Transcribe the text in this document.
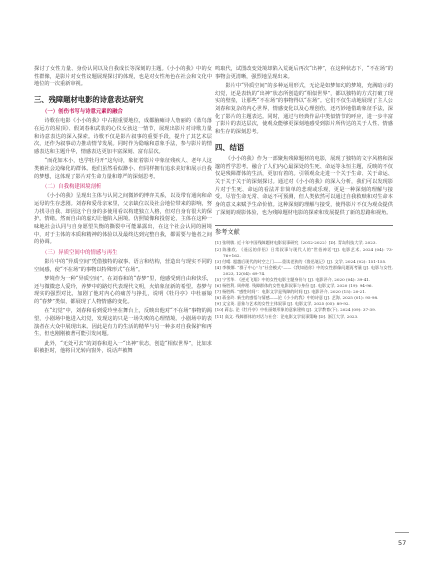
探讨了女性力量、身份认同以及自我成长等深刻的主题。《小小的我》中的女性群像，是影片对女性议题展现探讨的体现，也是对女性角色在社会和文化中地位的一次重新审视。

三、残障题材电影的诗意表达研究
（一）创伤书写与诗意元素的融合

诗歌在电影《小小的我》中占据重要地位，成都脑瘫诗人詹丽的《蓝鸟落在远方的屋顶》、假刘春和武装的心仪女孩这一情节，展现出影片对诗歌力量和诗意表达的深入探索。诗歌不仅是影片叙事的重要手段，提升了其艺术层次，还作为叙事动力推动情节发展。同时作为隐喻和意象手法，参与影片的情感表达和主题升华，情感表达更加丰富深刻、富有层次。

“而花如木小，也学牡丹开”这句诗，象征着影片中象征残疾人、老年人这类被社会边缘化的群体。他们虽然看似渺小、但同样拥有追求美好和展示自我的梦想，这体现了影片对生命力量和尊严的深刻思考。

（二）自我构建困境剖析

《小小的我》呈现出主体与认同之间微妙的博弈关系，以及带有通向和命运母的生存悲剧。刘春和爱母亲家里，父亲缺位以及社会地位带来的影响，努力找寻自我、却因这个自身的多使用看以构建独立人格，但对自身有很大的保护。情绪。然而自由的虚幻让他陷入困境。仿照镜像和投射论，主体在这种一味地社会认同与自身愿望失衡的撕裂中可能暴露出，在这个社会认同的困境中，对于主体的本质和精神的体验以及最终达到完整自我，都需要与他者之间的协调。

（三）异质空间中的情感与再生

影片中的“异质空间”凭借独特的叙事、语言和结构，营造出与现实不同的空间感，使“不在场”的事物以特殊形式“在场”。

梦境作为一种“异质空间”，在刘春和的“春梦”里，他感受到自由和快乐，还与微微恋人爱玲，养梦中的路灯代表现代文明，火焰象征新的希望。春梦与现实的强烈对比，加剧了他对内心的痛苦与挣扎，说明《牡丹亭》中杜丽娘的“春梦”类似，都展现了人物情感的变化。

在“幻觉”中，刘春和看到爱玲坐在舞台上，反映出他对“不在场”事物的渴望，小剧场中他进入幻觉，发现这的只是一场失败的心理情境。小剧场中的表演者在大众中展现出来。因此是有力的生活的精华与另一种多对自我保护和再生，但也刚刚被著可能引发问题。

此外，“无处可去”的刘春和进入一“出神”状态，创造“相似世界”，比如求职被拒时，他将目光转向窗外，说话声被舞

鸣取代，试图改变处境却陷入荒诞后再次“出神”，在这种状态下，“不在场”的事物会更清晰，强烈地呈现出来。

影片中“异质空间”的多种运用形式，无论是如梦如幻的梦境，充满暗示的幻觉，还是表轨的“出神”状态所创造的“相似世界”，都以独特的方式打破了现实的壁垒，让那些“不在场”的事物得以“在场”。它们不仅生动地展现了主人公刘春和复杂的内心世界，情感变化以及心理创伤，还巧妙地借助象征手法，深化了影片的主题表达。同时，通过与经典作品中类似情节的呼应，进一步丰富了影片的表达层次，使观众能够更深刻地感受到影片所传达的关于人性、情感和生存的深刻思考。

四、结语

《小小的我》作为一部聚焦残障题材的电影，展现了独特的文字风格和深邃的哲学思考。融合了人们内心最深处的生死、命运等永恒主题，反映的不仅仅是残障群体的生活，更加有着的。引领观众走进一个关于生命、关于命运、关于关于关于的深刻探讨。通过对《小小的我》的深入分析，我们可以发现影片对于生死、命运的看法并非简单的悲观或乐观，更是一种深刻的理解与接受。尽管生命无常、命运不可预测，但人类依然可以通过自我救赎和对生命本身的意义来赋予生命价值。这种深刻的理解与接受，使得影片不仅为观众提供了深刻的观影体验，也为残障题材电影的探索和发展提供了新的思路和视角。

参考文献

[1] 张明敏. 近十年中国残障题材电影叙事研究（2012-2022）[D]. 青岛科技大学, 2023.

[2] 陈雅欣, 《遥远的伴侣》日常叙事与现代人的“世俗神话”[J]. 电影艺术, 2024 (04): 73-76+162.

[3] 付晴. 超越后现代的时空之门——重读老狄的《鲁迅笔记》[J]. 文学, 2024 (02): 151-155.

[4] 李敏娜. “群子中心”与“社会模式”——《我知道你》中的女性群像问题再考量 [J]. 电影与女性, 2023, 12(04): 69-74.

[5] 宁雪华. 《逆光飞翔》中的女性电影主题身份与 [J]. 电影评介, 2020 (04): 39-41.

[6] 杨胜利, 周仲理. 残障群体的女性电影叙事与身份 [J]. 电影文学, 2020 (19): 94-96.

[7] 杨胜辉. “感性时间”：电影文学是残障的时间 [J]. 电影评介, 2020 (15): 20-21.

[8] 蒋金玲. 新生的感悟与情感——论《小小的我》中的诗意 [J]. 艺海, 2025 (01): 95-98.

[9] 文宝英. 意象与艺术的女性主体叙事 [J]. 电影文学, 2025 (05): 89-92.

[10] 蒋志, 论《牡丹亭》中杜丽娘形象的意象建构 [J]. 文学教育(下), 2024 (09): 37-39.

[11] 高文. 残障群体的对话与社会：论电影文学叙事策略 [D]. 浙江大学, 2023.

57
